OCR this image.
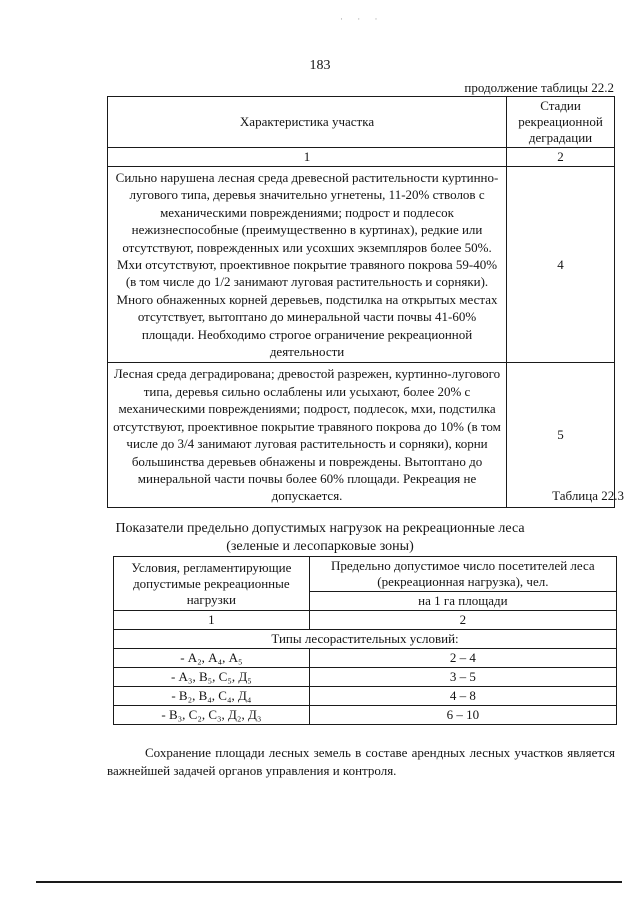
· · ·
183
продолжение таблицы 22.2
Характеристика участка	Стадии рекреационной деградации
1	2
Сильно нарушена лесная среда древесной растительности куртинно-лугового типа, деревья значительно угнетены, 11-20% стволов с механическими повреждениями; подрост и подлесок нежизнеспособные (преимущественно в куртинах), редкие или отсутствуют, поврежденных или усохших экземпляров более 50%. Мхи отсутствуют, проективное покрытие травяного покрова 59-40% (в том числе до 1/2 занимают луговая растительность и сорняки). Много обнаженных корней деревьев, подстилка на открытых местах отсутствует, вытоптано до минеральной части почвы 41-60% площади. Необходимо строгое ограничение рекреационной деятельности	4
Лесная среда деградирована; древостой разрежен, куртинно-лугового типа, деревья сильно ослаблены или усыхают, более 20% с механическими повреждениями; подрост, подлесок, мхи, подстилка отсутствуют, проективное покрытие травяного покрова до 10% (в том числе до 3/4 занимают луговая растительность и сорняки), корни большинства деревьев обнажены и повреждены. Вытоптано до минеральной части почвы более 60% площади. Рекреация не допускается.	5
Таблица 22.3
Показатели предельно допустимых нагрузок на рекреационные леса
(зеленые и лесопарковые зоны)
Условия, регламентирующие допустимые рекреационные нагрузки	Предельно допустимое число посетителей леса (рекреационная нагрузка), чел.
	на 1 га площади
1	2
Типы лесорастительных условий:	
- А₂, А₄, А₅	2 – 4
- А₃, В₅, С₅, Д₅	3 – 5
- В₂, В₄, С₄, Д₄	4 – 8
- В₃, С₂, С₃, Д₂, Д₃	6 – 10
Сохранение площади лесных земель в составе арендных лесных участков является важнейшей задачей органов управления и контроля.
